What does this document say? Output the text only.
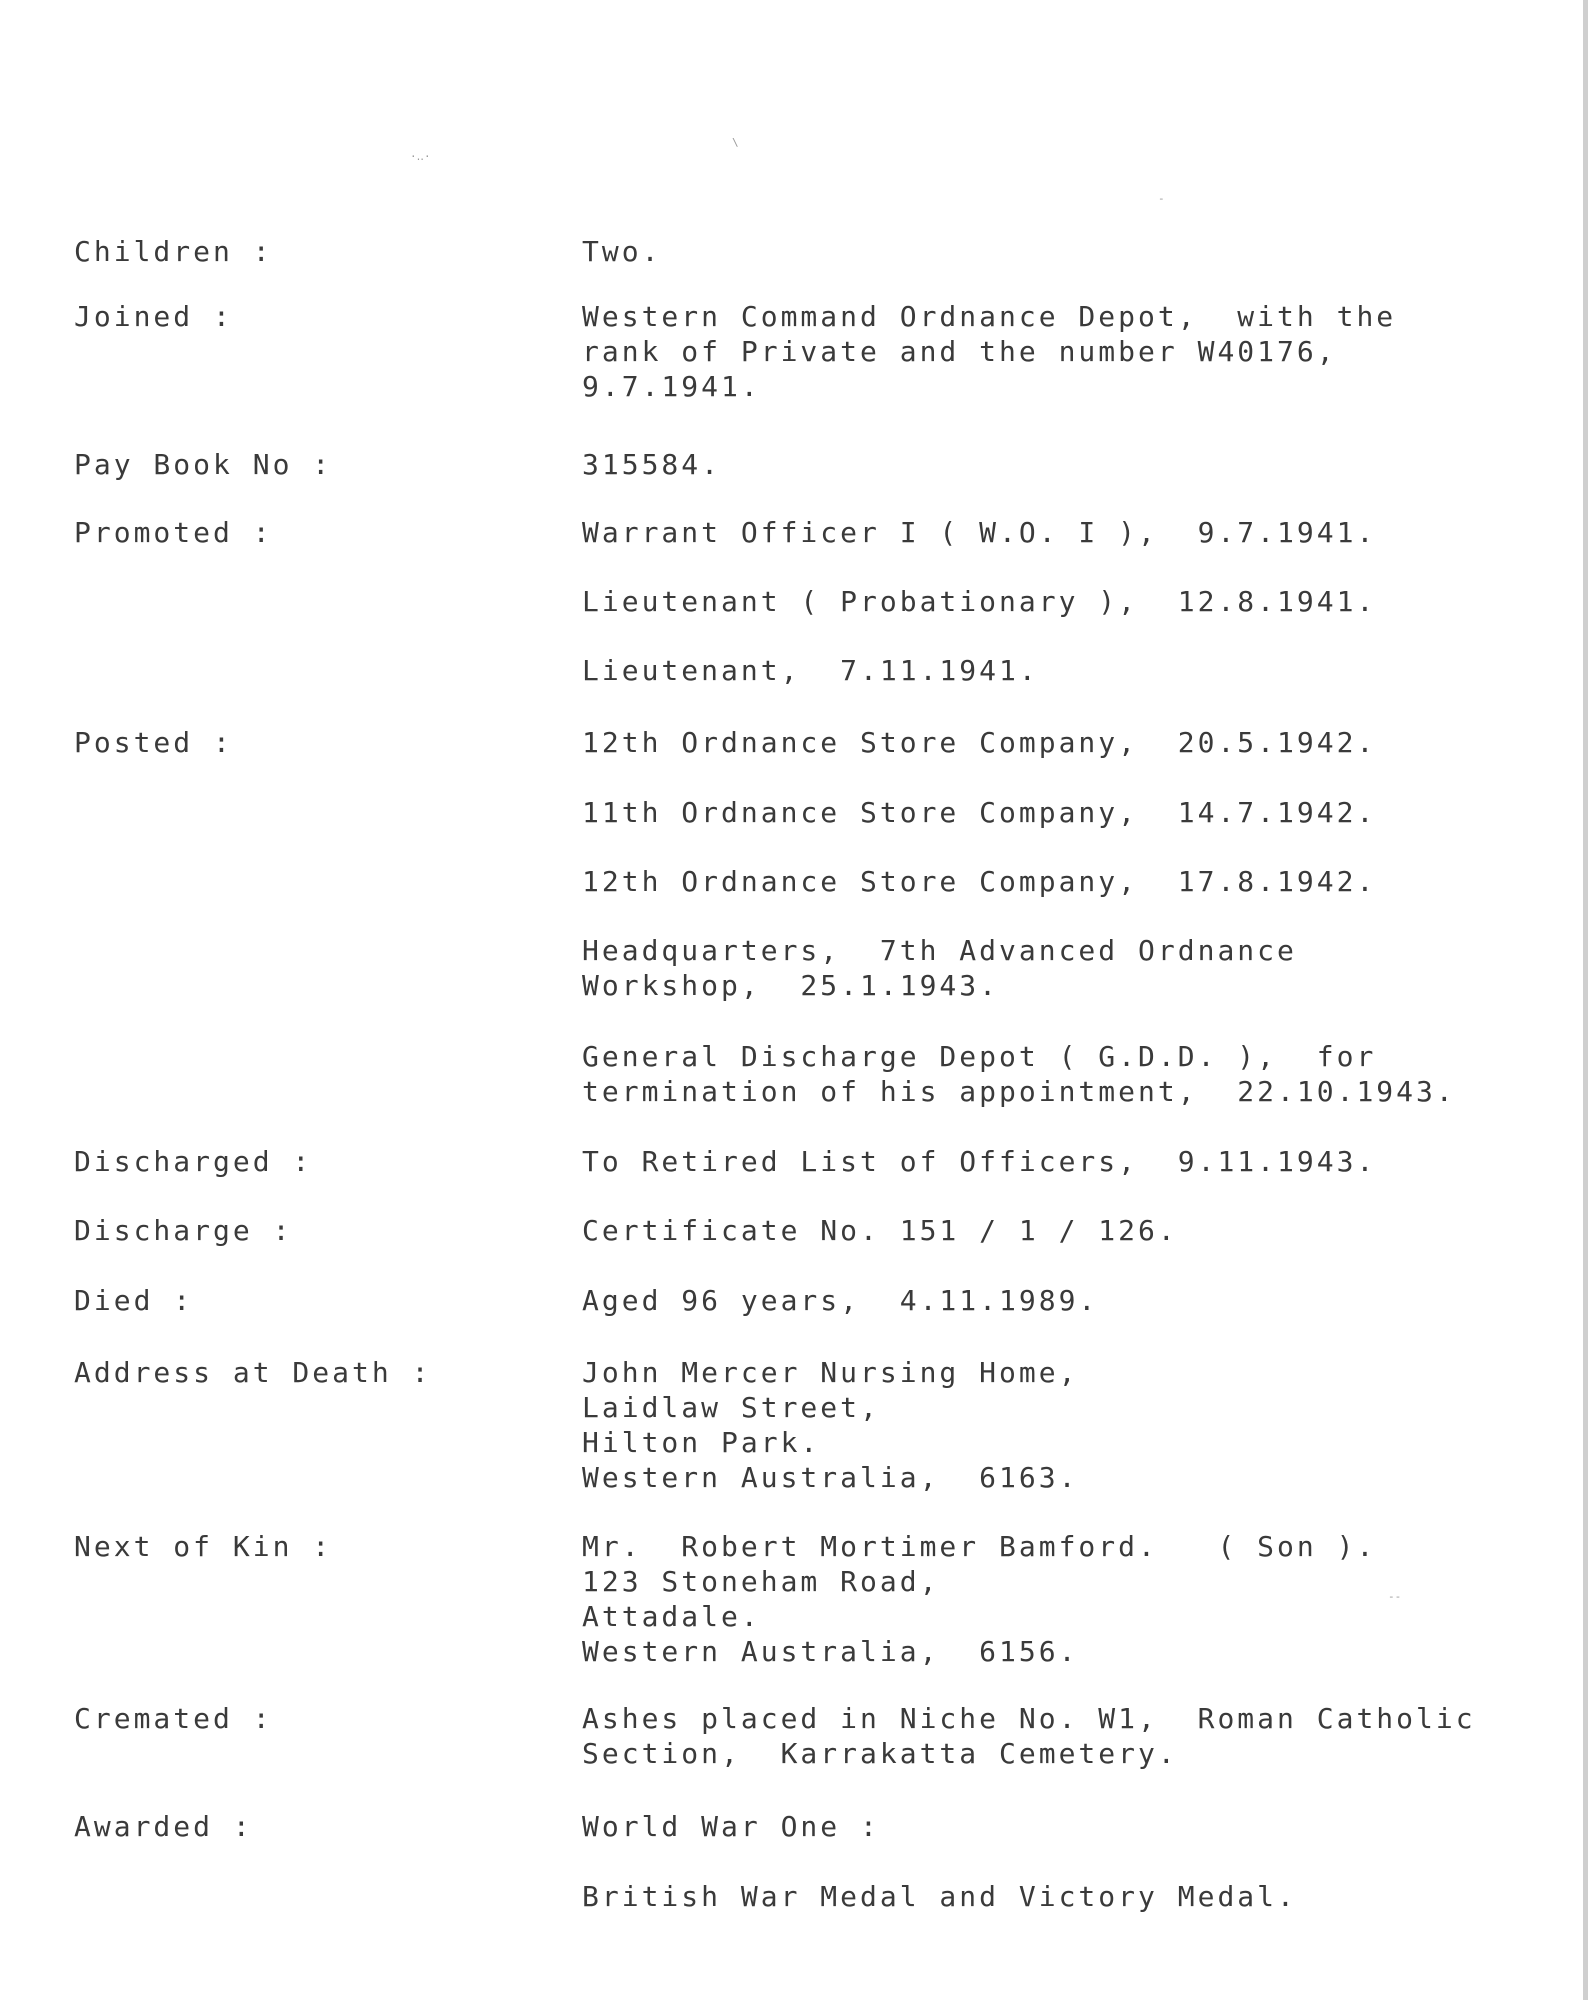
·‥·
\
-
--
Children :	Two.
Joined :	Western Command Ordnance Depot,  with the
rank of Private and the number W40176,
9.7.1941.
Pay Book No :	315584.
Promoted :	Warrant Officer I ( W.O. I ),  9.7.1941.
Lieutenant ( Probationary ),  12.8.1941.
Lieutenant,  7.11.1941.
Posted :	12th Ordnance Store Company,  20.5.1942.
11th Ordnance Store Company,  14.7.1942.
12th Ordnance Store Company,  17.8.1942.
Headquarters,  7th Advanced Ordnance
Workshop,  25.1.1943.
General Discharge Depot ( G.D.D. ),  for
termination of his appointment,  22.10.1943.
Discharged :	To Retired List of Officers,  9.11.1943.
Discharge :	Certificate No. 151 / 1 / 126.
Died :	Aged 96 years,  4.11.1989.
Address at Death :	John Mercer Nursing Home,
Laidlaw Street,
Hilton Park.
Western Australia,  6163.
Next of Kin :	Mr.  Robert Mortimer Bamford.   ( Son ).
123 Stoneham Road,
Attadale.
Western Australia,  6156.
Cremated :	Ashes placed in Niche No. W1,  Roman Catholic
Section,  Karrakatta Cemetery.
Awarded :	World War One :
British War Medal and Victory Medal.
